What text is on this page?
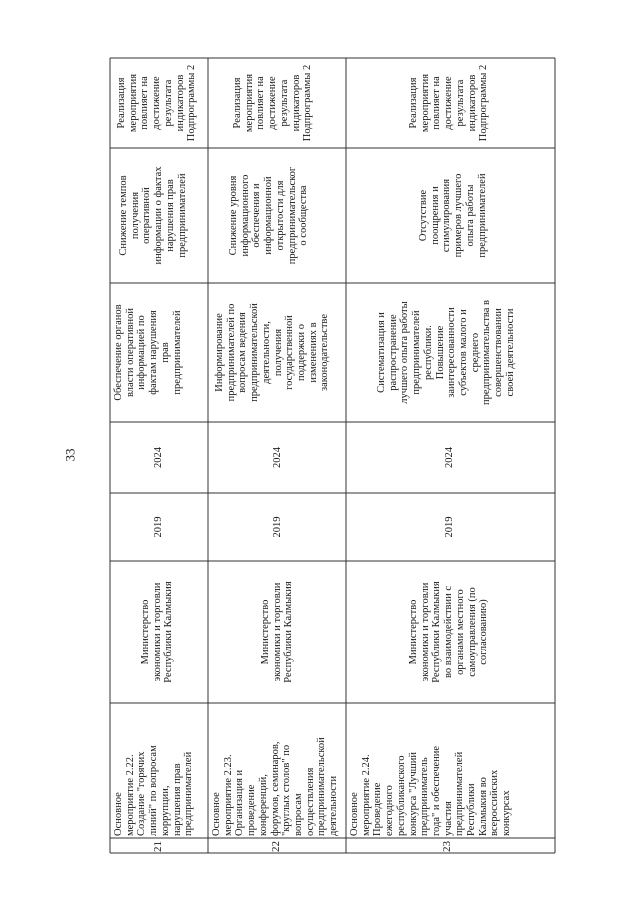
33
21
Основное
мероприятие 2.22.
Создание "горячих
линий" по вопросам
коррупции,
нарушения прав
предпринимателей
Министерство
экономики и торговли
Республики Калмыкия
2019
2024
Обеспечение органов
власти оперативной
информацией по
фактам нарушения
прав
предпринимателей
Снижение темпов
получения
оперативной
информации о фактах
нарушения прав
предпринимателей
Реализация
мероприятия
повлияет на
достижение
результата
индикаторов
Подпрограммы 2
22
Основное
мероприятие 2.23.
Организация и
проведение
конференций,
форумов, семинаров,
"круглых столов" по
вопросам
осуществления
предпринимательской
деятельности
Министерство
экономики и торговли
Республики Калмыкия
2019
2024
Информирование
предпринимателей по
вопросам ведения
предпринимательской
деятельности,
получения
государственной
поддержки о
изменениях в
законодательстве
Снижение уровня
информационного
обеспечения и
информационной
открытости для
предпринимательског
о сообщества
Реализация
мероприятия
повлияет на
достижение
результата
индикаторов
Подпрограммы 2
23
Основное
мероприятие 2.24.
Проведение
ежегодного
республиканского
конкурса "Лучший
предприниматель
года" и обеспечение
участия
предпринимателей
Республики
Калмыкия во
всероссийских
конкурсах
Министерство
экономики и торговли
Республики Калмыкия
во взаимодействии с
органами местного
самоуправления (по
согласованию)
2019
2024
Систематизация и
распространение
лучшего опыта работы
предпринимателей
республики.
Повышение
заинтересованности
субъектов малого и
среднего
предпринимательства в
совершенствовании
своей деятельности
Отсутствие
поощрения и
стимулирования
примеров лучшего
опыта работы
предпринимателей
Реализация
мероприятия
повлияет на
достижение
результата
индикаторов
Подпрограммы 2
